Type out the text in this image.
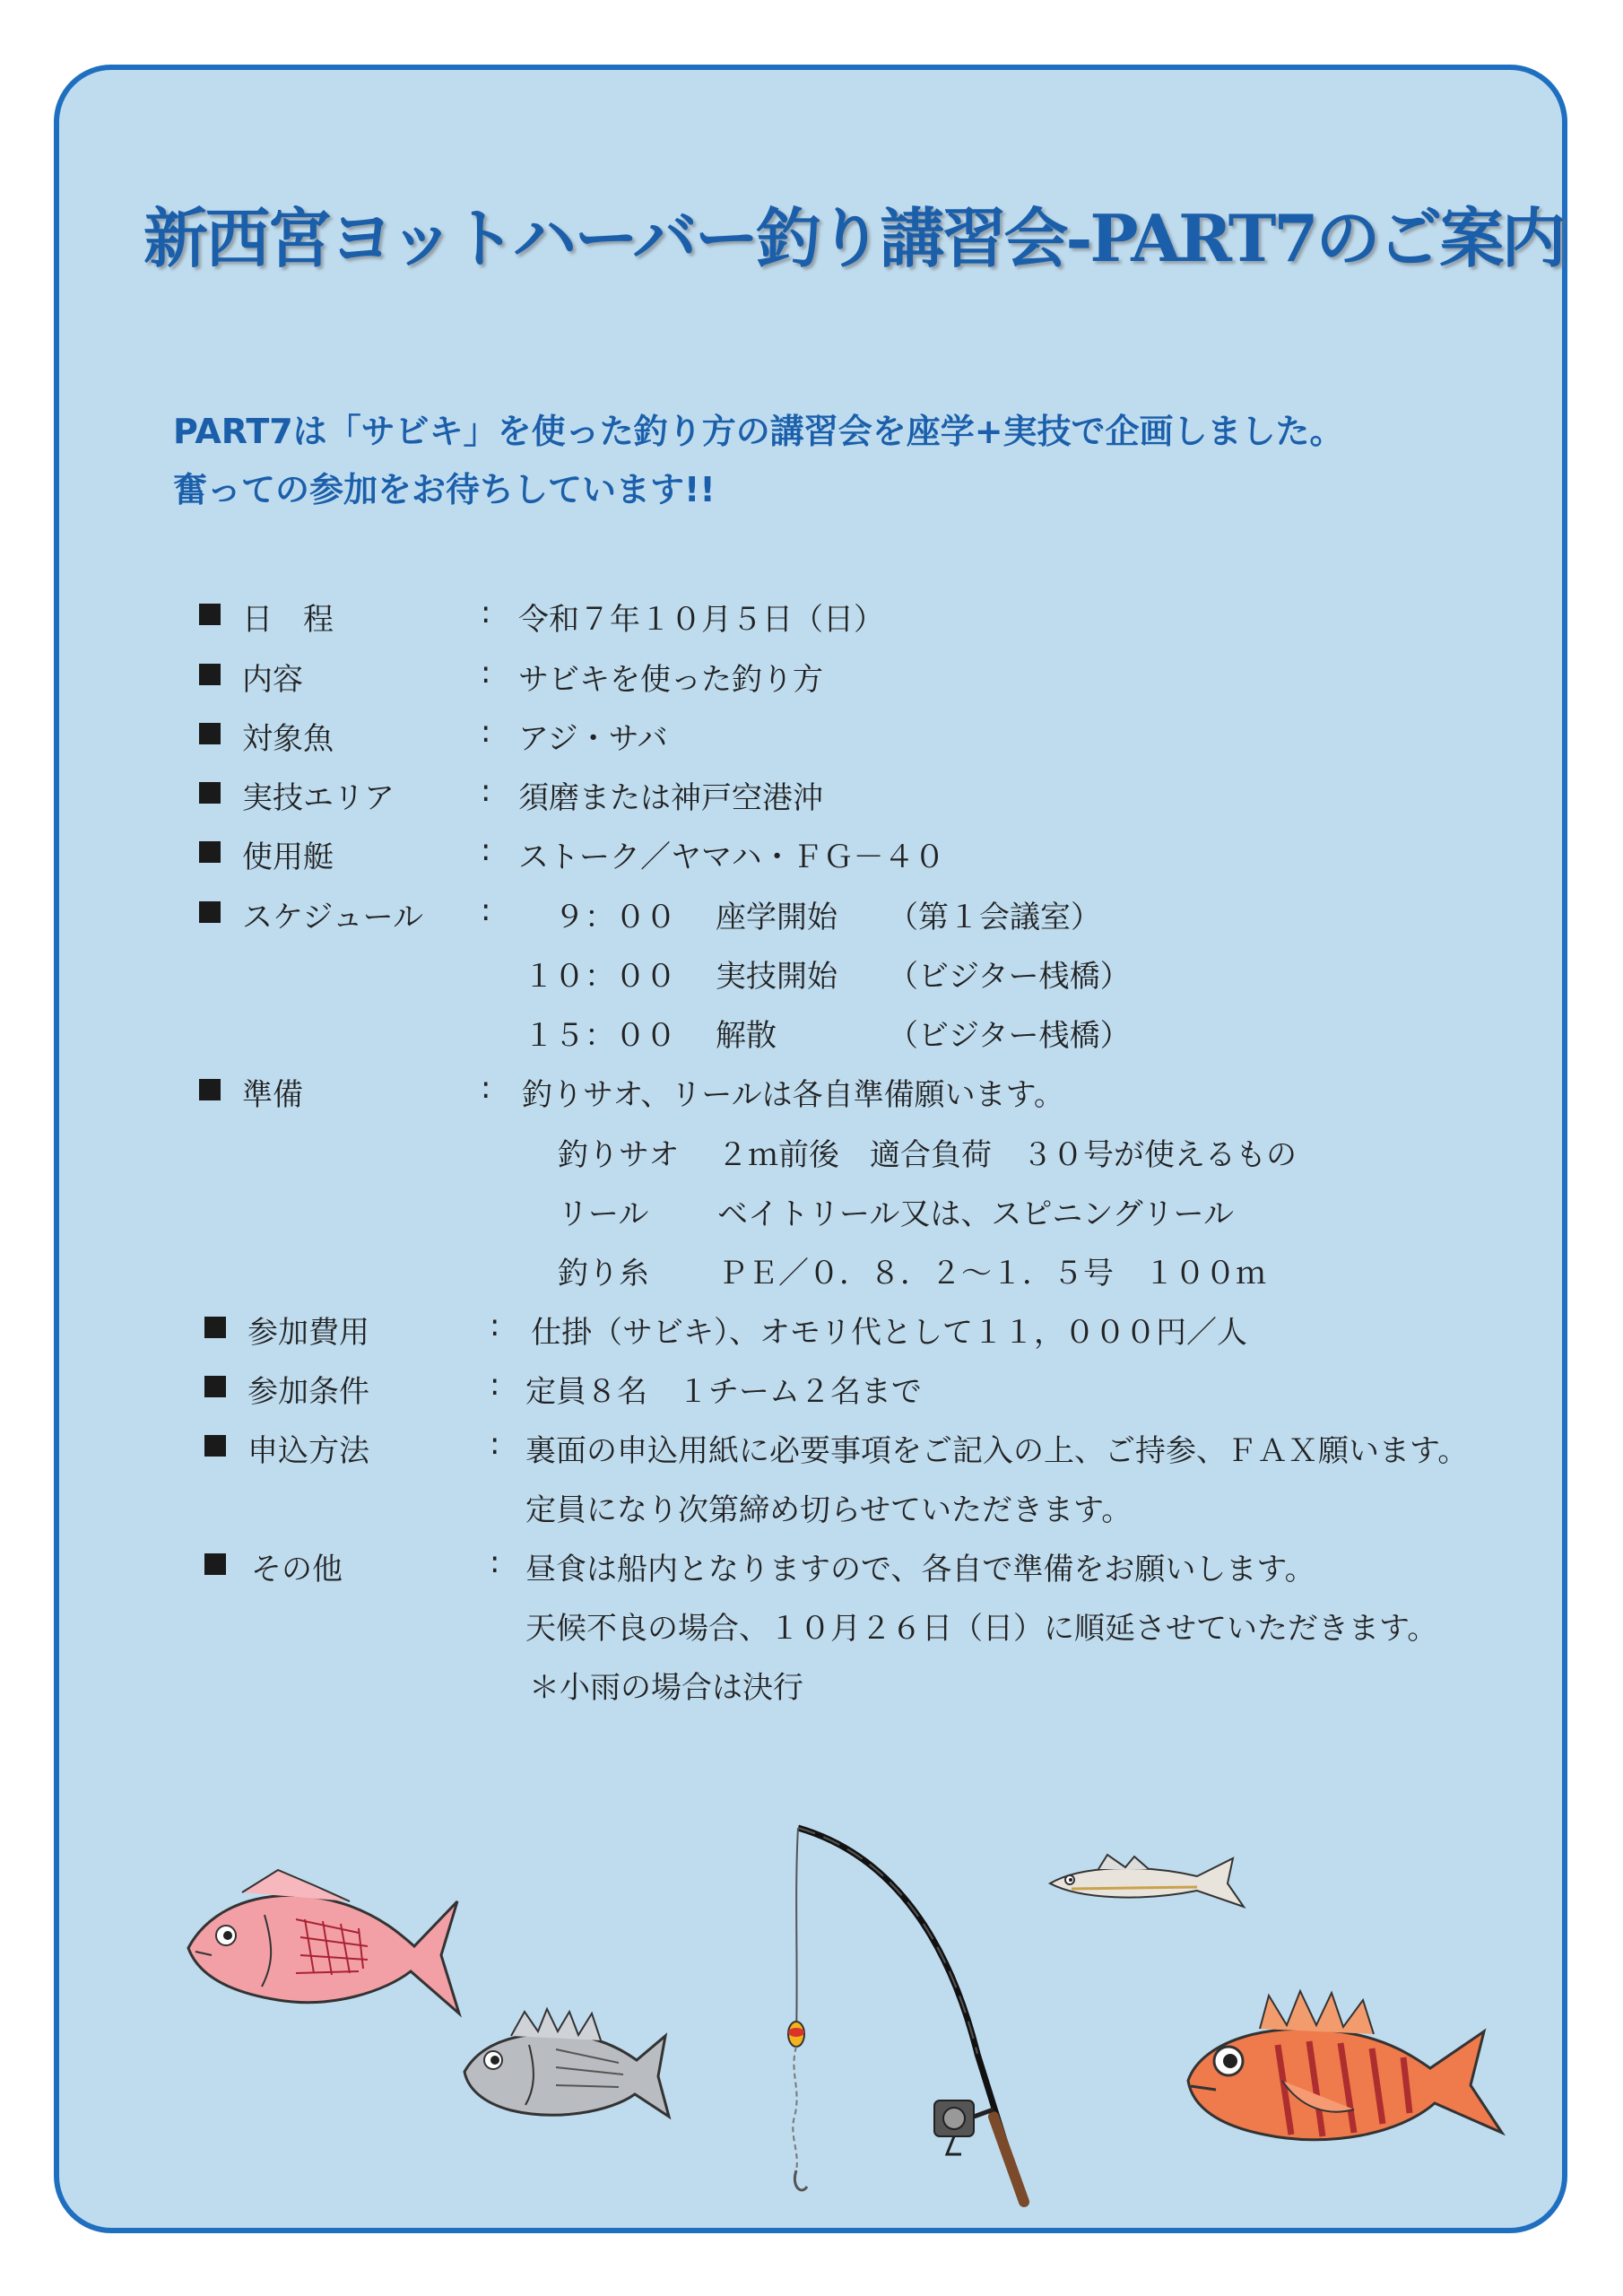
新西宮ヨットハーバー釣り講習会-PART7のご案内
PART7は「サビキ」を使った釣り方の講習会を座学+実技で企画しました。
奮っての参加をお待ちしています!!
日　程	: 令和７年１０月５日（日）
内容	: サビキを使った釣り方
対象魚	: アジ・サバ
実技エリア	: 須磨または神戸空港沖
使用艇	: ストーク／ヤマハ・ＦＧ－４０
スケジュール : ９：００ 座学開始 （第１会議室）
１０：００ 実技開始 （ビジター桟橋）
１５：００ 解散	（ビジター桟橋）
準備	: 釣りサオ、リールは各自準備願います。
釣りサオ ２ｍ前後　適合負荷　３０号が使えるもの
リール ベイトリール又は、スピニングリール
釣り糸 ＰＥ／０．８．２～１．５号　１００ｍ
参加費用	: 仕掛（サビキ）、オモリ代として１１，０００円／人
参加条件	: 定員８名　１チーム２名まで
申込方法	: 裏面の申込用紙に必要事項をご記入の上、ご持参、ＦＡＸ願います。
定員になり次第締め切らせていただきます。
その他	: 昼食は船内となりますので、各自で準備をお願いします。
天候不良の場合、１０月２６日（日）に順延させていただきます。
＊小雨の場合は決行
